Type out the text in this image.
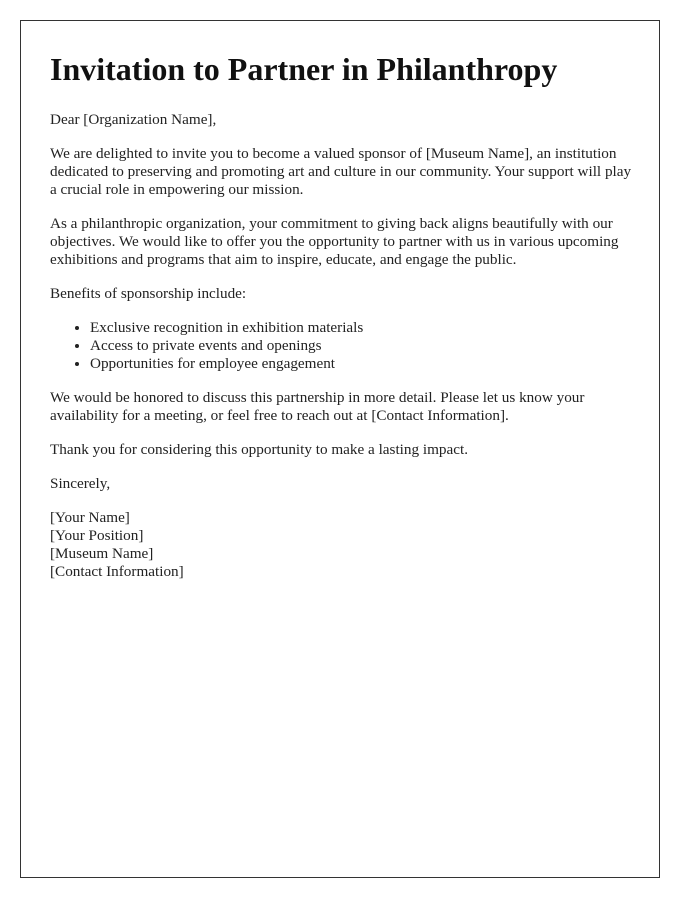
Invitation to Partner in Philanthropy

Dear [Organization Name],

We are delighted to invite you to become a valued sponsor of [Museum Name], an institution dedicated to preserving and promoting art and culture in our community. Your support will play a crucial role in empowering our mission.

As a philanthropic organization, your commitment to giving back aligns beautifully with our objectives. We would like to offer you the opportunity to partner with us in various upcoming exhibitions and programs that aim to inspire, educate, and engage the public.

Benefits of sponsorship include:

• Exclusive recognition in exhibition materials
• Access to private events and openings
• Opportunities for employee engagement

We would be honored to discuss this partnership in more detail. Please let us know your availability for a meeting, or feel free to reach out at [Contact Information].

Thank you for considering this opportunity to make a lasting impact.

Sincerely,

[Your Name]

[Your Position]

[Museum Name]

[Contact Information]
